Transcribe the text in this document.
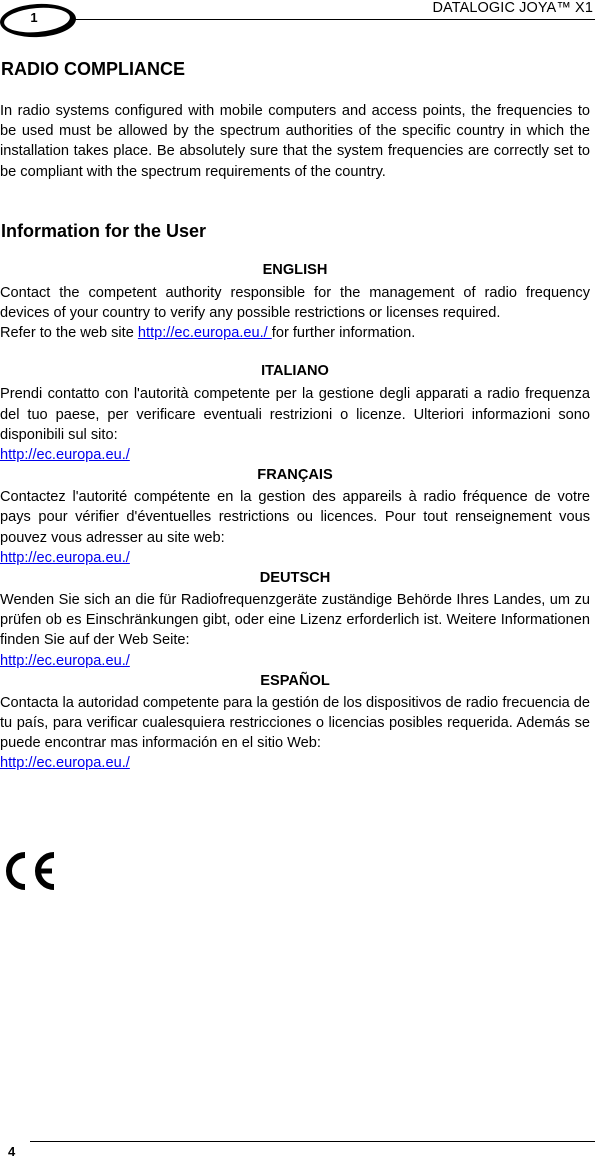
1
DATALOGIC JOYA™ X1
RADIO COMPLIANCE

In radio systems configured with mobile computers and access points, the frequencies to be used must be allowed by the spectrum authorities of the specific country in which the installation takes place. Be absolutely sure that the system frequencies are correctly set to be compliant with the spectrum requirements of the country.

Information for the User
ENGLISH

Contact the competent authority responsible for the management of radio frequency devices of your country to verify any possible restrictions or licenses required.

Refer to the web site http://ec.europa.eu./ for further information.

ITALIANO

Prendi contatto con l'autorità competente per la gestione degli apparati a radio frequenza del tuo paese, per verificare eventuali restrizioni o licenze. Ulteriori informazioni sono disponibili sul sito:

http://ec.europa.eu./

FRANÇAIS

Contactez l'autorité compétente en la gestion des appareils à radio fréquence de votre pays pour vérifier d'éventuelles restrictions ou licences. Pour tout renseignement vous pouvez vous adresser au site web:

http://ec.europa.eu./

DEUTSCH

Wenden Sie sich an die für Radiofrequenzgeräte zuständige Behörde Ihres Landes, um zu prüfen ob es Einschränkungen gibt, oder eine Lizenz erforderlich ist. Weitere Informationen finden Sie auf der Web Seite:

http://ec.europa.eu./

ESPAÑOL

Contacta la autoridad competente para la gestión de los dispositivos de radio frecuencia de tu país, para verificar cualesquiera restricciones o licencias posibles requerida. Además se puede encontrar mas información en el sitio Web:

http://ec.europa.eu./

4
